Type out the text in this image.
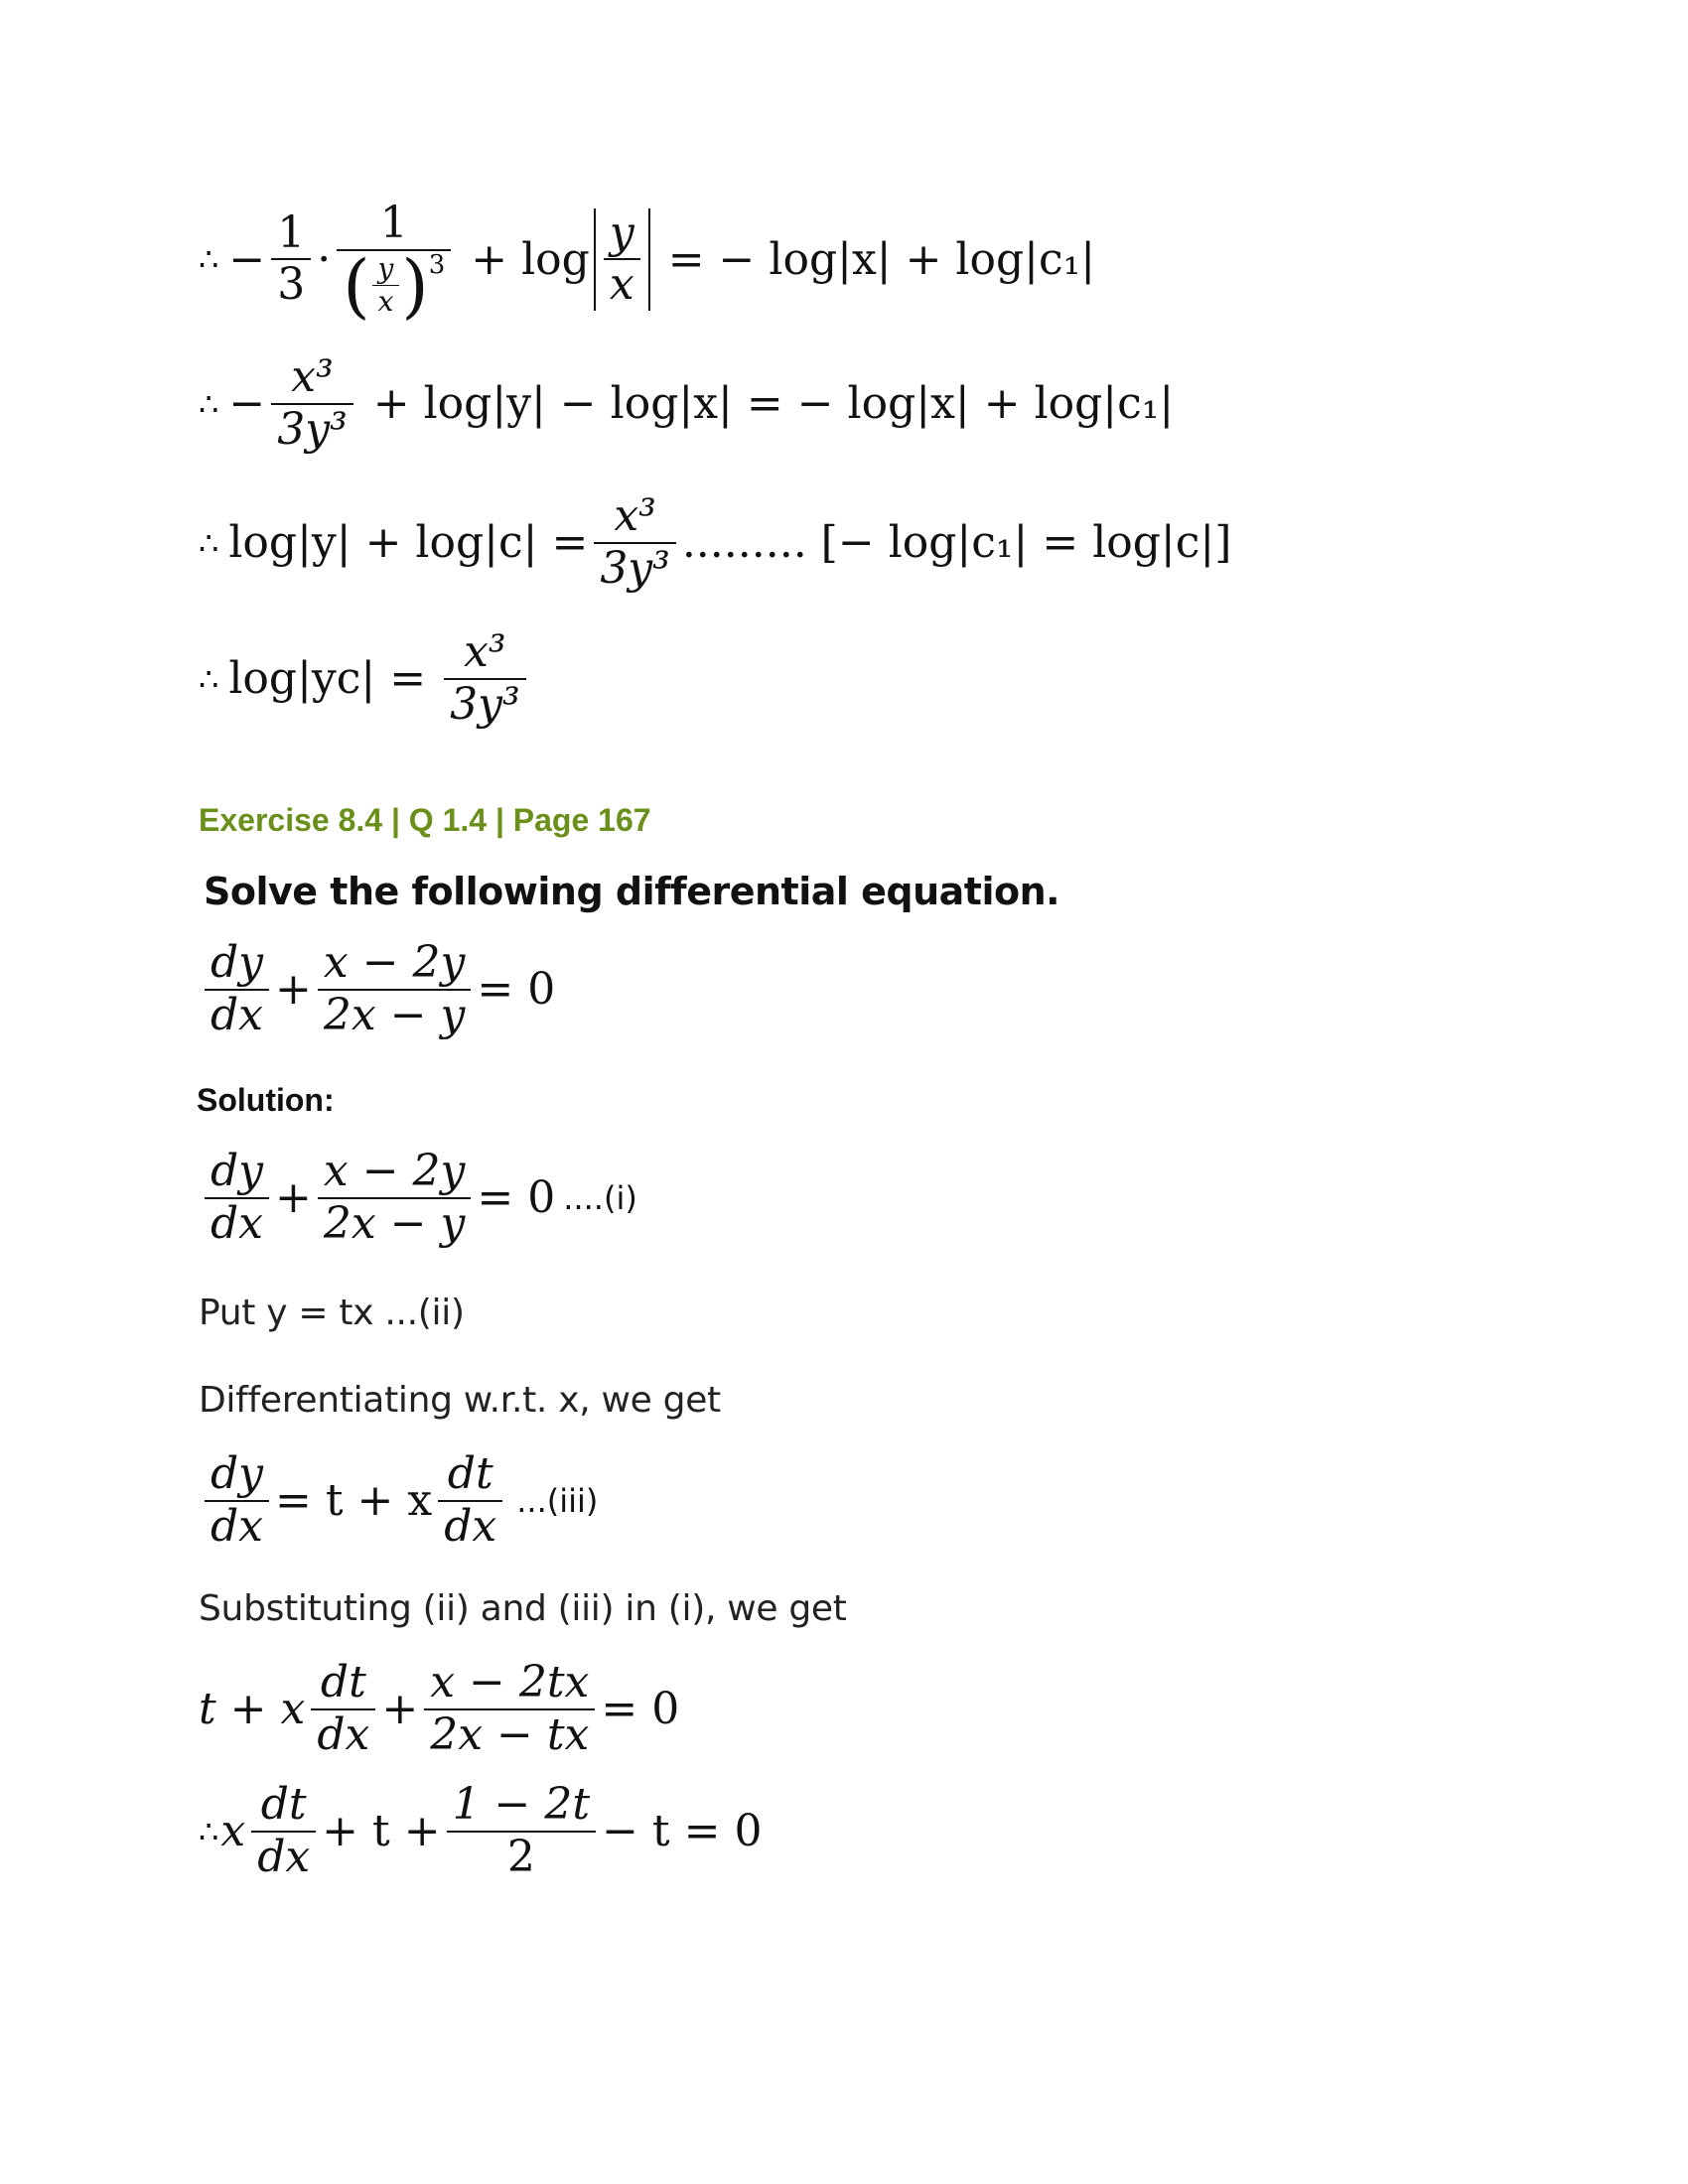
∴ − $\frac{1}{3} \cdot \frac{1}{( \frac{y}{x} ) 3} + \log \frac{y}{x}$ = − log|x| + log|c₁|
∴ − $\frac{\text{x³}}{\text{3y³}} + \log|y| - \log|x|$ = − log|x| + log|c₁|
∴ $\log|y| + \log|c| = \frac{\text{x³}}{\text{3y³}}$ ......... [− log|c₁| = log|c|]
∴ $\log|yc| = \frac{\text{x³}}{\text{3y³}}$
Exercise 8.4 | Q 1.4 | Page 167
Solve the following differential equation.
$\frac{dy}{dx} + \frac{x - 2y}{2x - y} = 0$
Solution:
$\frac{dy}{dx} + \frac{x - 2y}{2x - y} = 0$ ....(i)
Put y = tx ...(ii)
Differentiating w.r.t. x, we get
$\frac{dy}{dx} = t + x \frac{dt}{dx} ...(iii)$
Substituting (ii) and (iii) in (i), we get
t + x $\frac{dt}{dx} + \frac{x - 2tx}{2x - tx} = 0$
∴ x $\frac{dt}{dx} + t + \frac{1 - 2t}{2} - t = 0$
